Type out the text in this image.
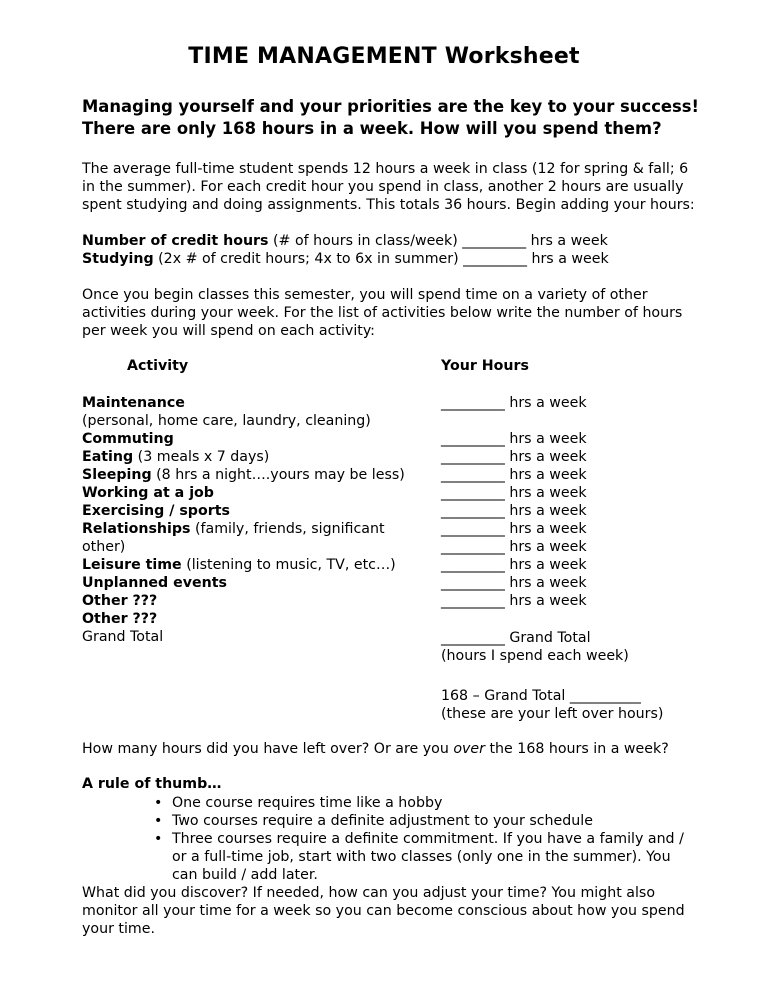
TIME MANAGEMENT Worksheet
Managing yourself and your priorities are the key to your success!
There are only 168 hours in a week. How will you spend them?
The average full-time student spends 12 hours a week in class (12 for spring & fall; 6 in the summer). For each credit hour you spend in class, another 2 hours are usually spent studying and doing assignments. This totals 36 hours. Begin adding your hours:
Number of credit hours (# of hours in class/week) _________ hrs a week
Studying (2x # of credit hours; 4x to 6x in summer) _________ hrs a week
Once you begin classes this semester, you will spend time on a variety of other activities during your week. For the list of activities below write the number of hours per week you will spend on each activity:
Activity	Your Hours
Maintenance
(personal, home care, laundry, cleaning)
Commuting
Eating (3 meals x 7 days)
Sleeping (8 hrs a night….yours may be less)
Working at a job
Exercising / sports
Relationships (family, friends, significant other)
Leisure time (listening to music, TV, etc…)
Unplanned events
Other ???
Other ???
_________ hrs a week

_________ hrs a week
_________ hrs a week
_________ hrs a week
_________ hrs a week
_________ hrs a week
_________ hrs a week
_________ hrs a week
_________ hrs a week
_________ hrs a week
_________ hrs a week
Grand Total	_________ Grand Total
(hours I spend each week)
168 – Grand Total __________
(these are your left over hours)
How many hours did you have left over? Or are you over the 168 hours in a week?
A rule of thumb…
• One course requires time like a hobby
• Two courses require a definite adjustment to your schedule
• Three courses require a definite commitment. If you have a family and / or a full-time job, start with two classes (only one in the summer). You can build / add later.
What did you discover? If needed, how can you adjust your time? You might also monitor all your time for a week so you can become conscious about how you spend your time.
